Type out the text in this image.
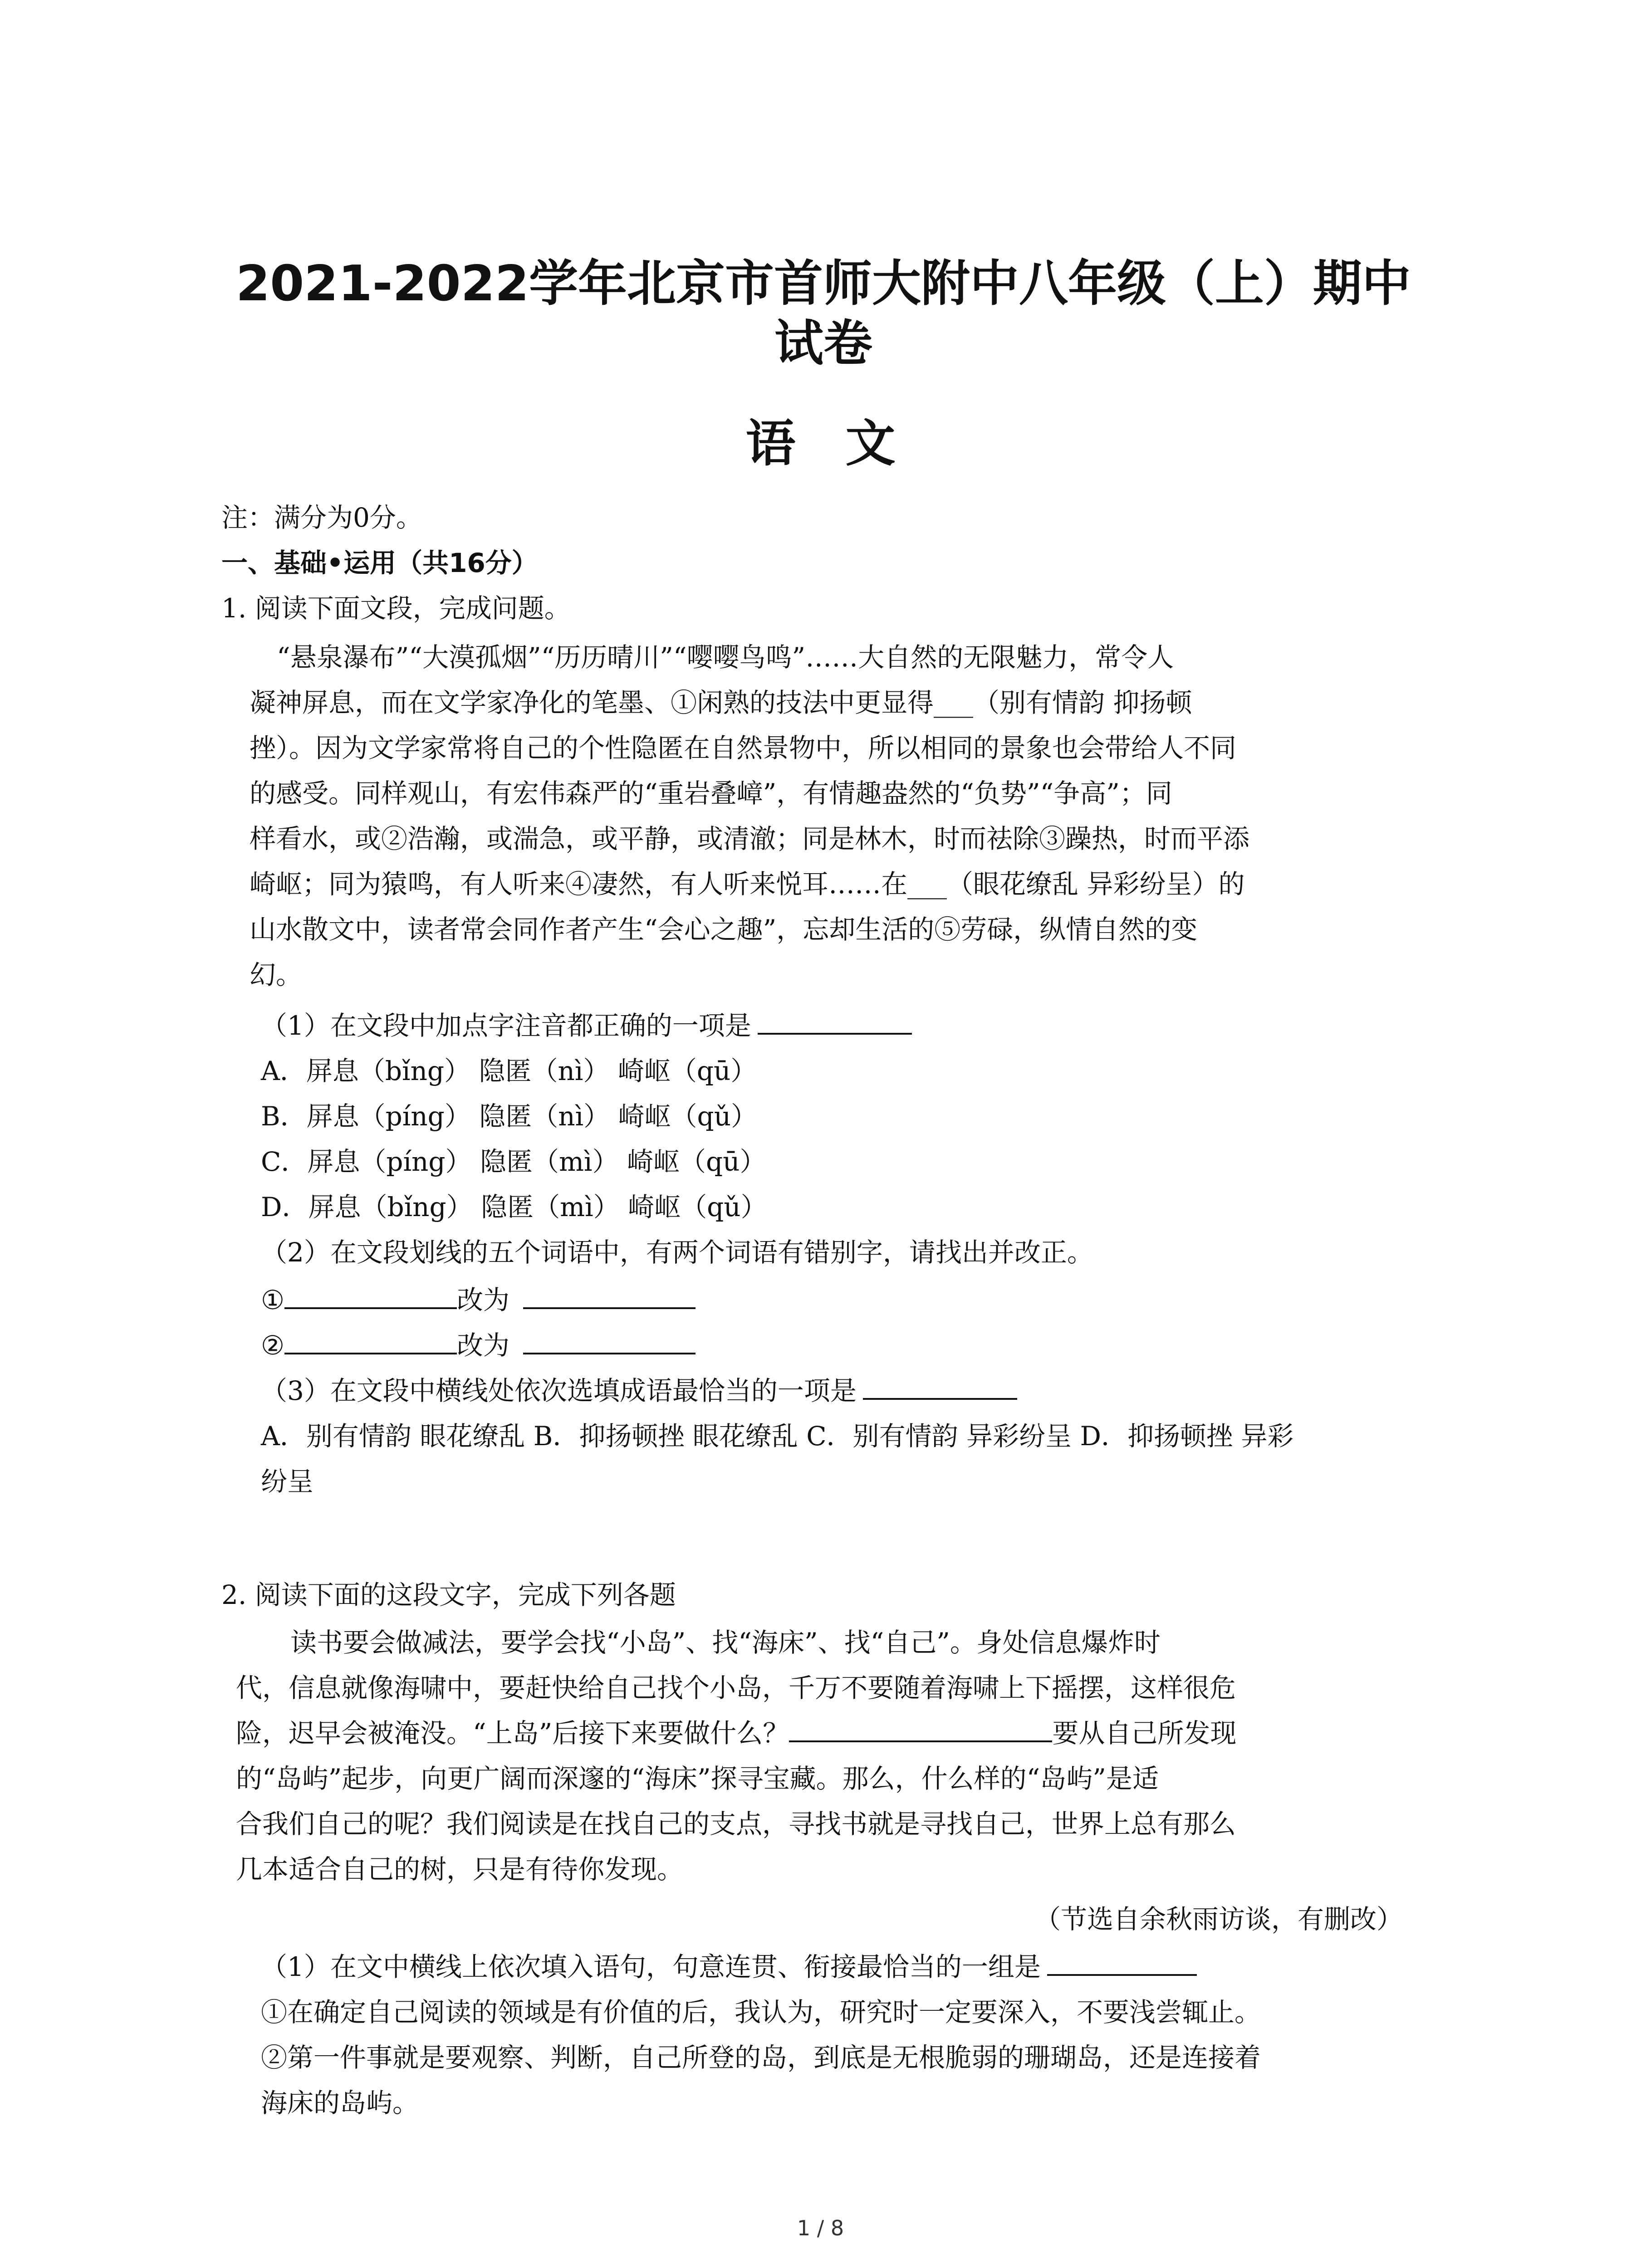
2021-2022学年北京市首师大附中八年级（上）期中试卷
语文
注：满分为0分。
一、基础•运用（共16分）
1. 阅读下面文段，完成问题。
“悬泉瀑布”“大漠孤烟”“历历晴川”“嘤嘤鸟鸣”……大自然的无限魅力，常令人
凝神屏息，而在文学家净化的笔墨、①闲熟的技法中更显得___（别有情韵 抑扬顿
挫）。因为文学家常将自己的个性隐匿在自然景物中，所以相同的景象也会带给人不同
的感受。同样观山，有宏伟森严的“重岩叠嶂”，有情趣盎然的“负势”“争高”；同
样看水，或②浩瀚，或湍急，或平静，或清澈；同是林木，时而祛除③躁热，时而平添
崎岖；同为猿鸣，有人听来④凄然，有人听来悦耳……在___（眼花缭乱 异彩纷呈）的
山水散文中，读者常会同作者产生“会心之趣”，忘却生活的⑤劳碌，纵情自然的变
幻。
（1）在文段中加点字注音都正确的一项是
A．屏息（bǐng） 隐匿（nì） 崎岖（qū）
B．屏息（píng） 隐匿（nì） 崎岖（qǔ）
C．屏息（píng） 隐匿（mì） 崎岖（qū）
D．屏息（bǐng） 隐匿（mì） 崎岖（qǔ）
（2）在文段划线的五个词语中，有两个词语有错别字，请找出并改正。
①	改为
②	改为
（3）在文段中横线处依次选填成语最恰当的一项是
A．别有情韵 眼花缭乱 B．抑扬顿挫 眼花缭乱 C．别有情韵 异彩纷呈 D．抑扬顿挫 异彩
纷呈
2. 阅读下面的这段文字，完成下列各题
读书要会做减法，要学会找“小岛”、找“海床”、找“自己”。身处信息爆炸时
代，信息就像海啸中，要赶快给自己找个小岛，千万不要随着海啸上下摇摆，这样很危
险，迟早会被淹没。“上岛”后接下来要做什么？	要从自己所发现
的“岛屿”起步，向更广阔而深邃的“海床”探寻宝藏。那么，什么样的“岛屿”是适
合我们自己的呢？我们阅读是在找自己的支点，寻找书就是寻找自己，世界上总有那么
几本适合自己的树，只是有待你发现。
（节选自余秋雨访谈，有删改）
（1）在文中横线上依次填入语句，句意连贯、衔接最恰当的一组是
①在确定自己阅读的领域是有价值的后，我认为，研究时一定要深入，不要浅尝辄止。
②第一件事就是要观察、判断，自己所登的岛，到底是无根脆弱的珊瑚岛，还是连接着
海床的岛屿。
1 / 8
